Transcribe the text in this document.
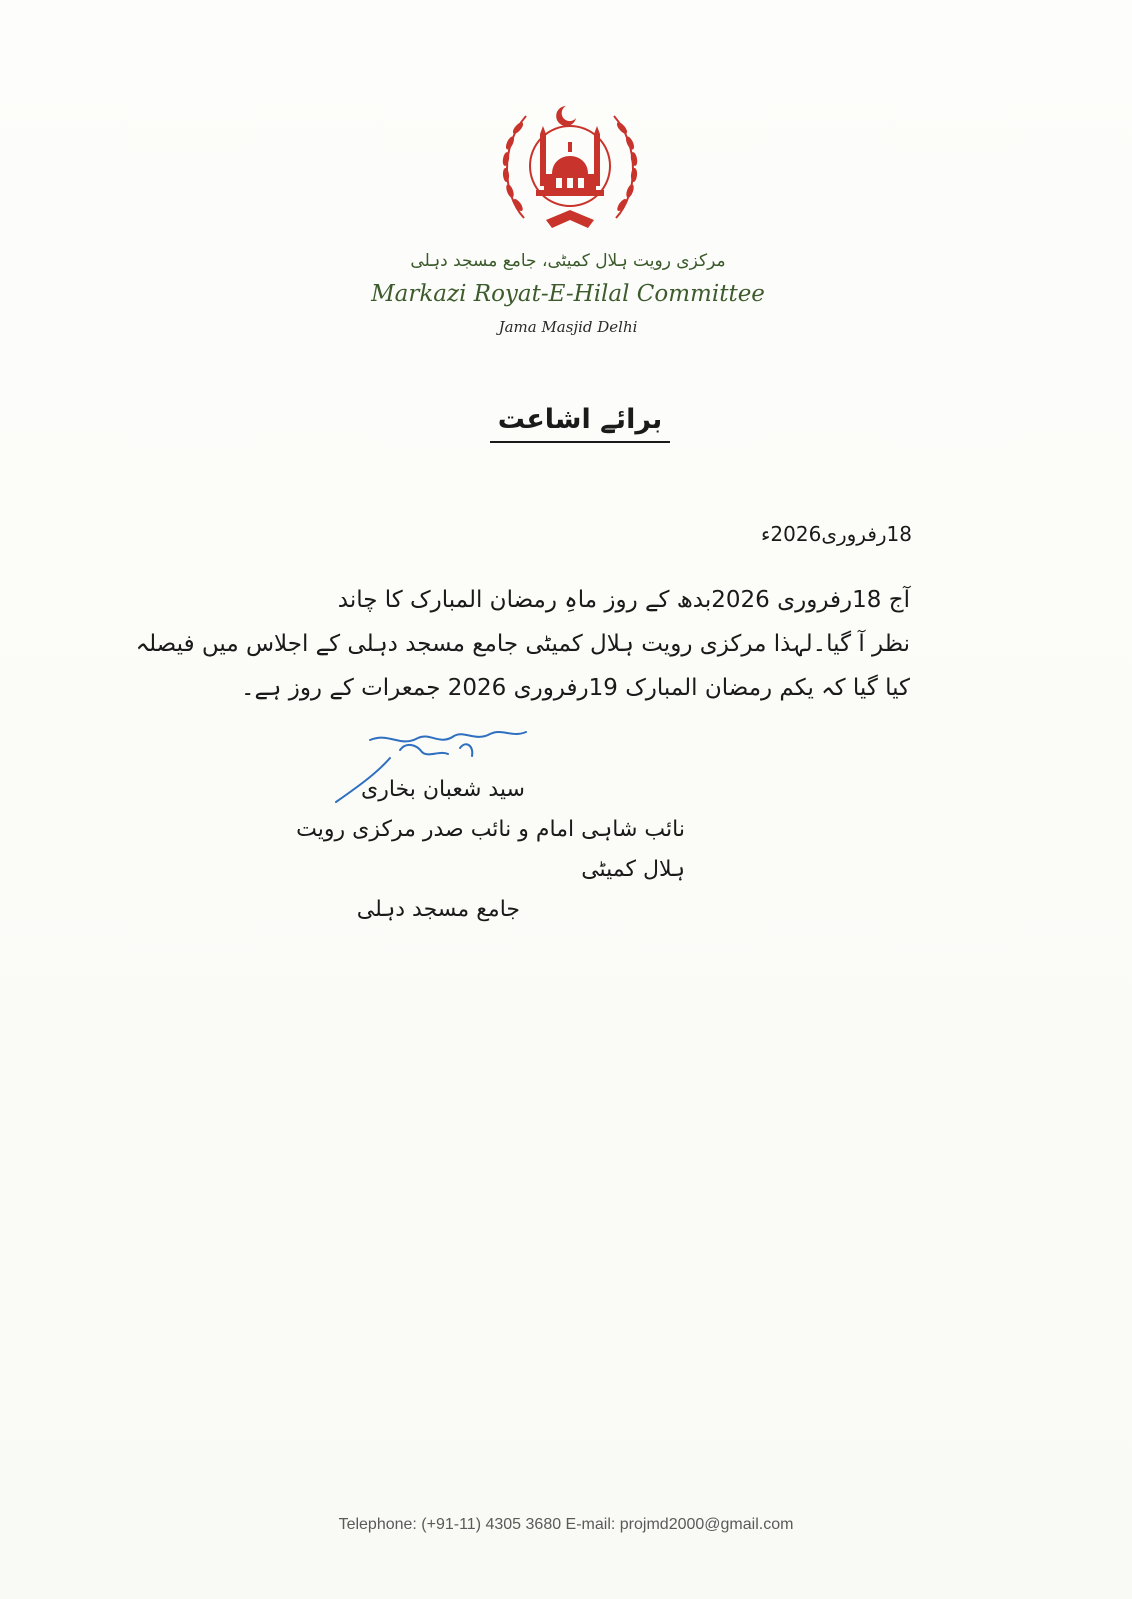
مرکزی رویت ہلال کمیٹی، جامع مسجد دہلی
Markazi Royat-E-Hilal Committee
Jama Masjid Delhi
برائے اشاعت
18رفروری2026ء
آج 18رفروری 2026بدھ کے روز ماہِ رمضان المبارک کا چاند
نظر آ گیا۔لہذا مرکزی رویت ہلال کمیٹی جامع مسجد دہلی کے اجلاس میں فیصلہ
کیا گیا کہ یکم رمضان المبارک 19رفروری 2026 جمعرات کے روز ہے۔
سید شعبان بخاری
نائب شاہی امام و نائب صدر مرکزی رویت ہلال کمیٹی
جامع مسجد دہلی
Telephone: (+91-11) 4305 3680 E-mail: projmd2000@gmail.com
